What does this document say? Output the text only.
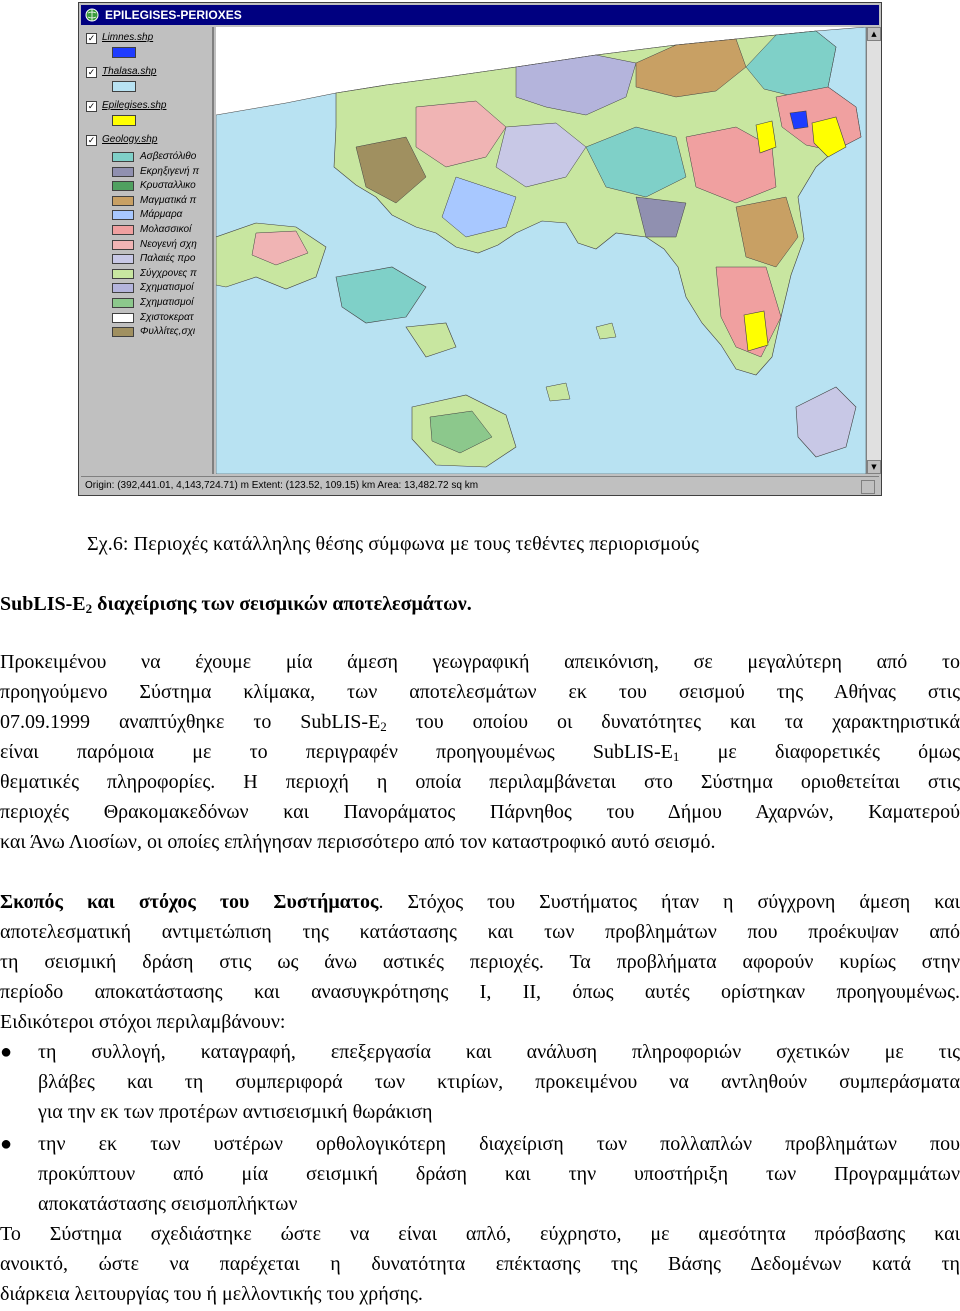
EPILEGISES-PERIOXES
✓ Limnes.shp
✓ Thalasa.shp
✓ Epilegises.shp
✓ Geology.shp
Ασβεστόλιθο
Εκρηξιγενή π
Κρυσταλλικο
Μαγματικά π
Μάρμαρα
Μολασσικοί
Νεογενή σχη
Παλαιές προ
Σύγχρονες π
Σχηματισμοί
Σχηματισμοί
Σχιστοκερατ
Φυλλίτες,σχι
▲
▼
Origin: (392,441.01, 4,143,724.71) m Extent: (123.52, 109.15) km Area: 13,482.72 sq km
Σχ.6: Περιοχές κατάλληλης θέσης σύμφωνα με τους τεθέντες περιορισμούς
SubLIS-$E_2$ διαχείρισης των σεισμικών αποτελεσμάτων.
Προκειμένου να έχουμε μία άμεση γεωγραφική απεικόνιση, σε μεγαλύτερη από το
προηγούμενο Σύστημα κλίμακα, των αποτελεσμάτων εκ του σεισμού της Αθήνας στις
07.09.1999 αναπτύχθηκε το SubLIS-$E_2$ του οποίου οι δυνατότητες και τα χαρακτηριστικά
είναι παρόμοια με το περιγραφέν προηγουμένως SubLIS-$E_1$ με διαφορετικές όμως
θεματικές πληροφορίες. Η περιοχή η οποία περιλαμβάνεται στο Σύστημα οριοθετείται στις
περιοχές Θρακομακεδόνων και Πανοράματος Πάρνηθος του Δήμου Αχαρνών, Καματερού
και Άνω Λιοσίων, οι οποίες επλήγησαν περισσότερο από τον καταστροφικό αυτό σεισμό.
Σκοπός και στόχος του Συστήματος. Στόχος του Συστήματος ήταν η σύγχρονη άμεση και
αποτελεσματική αντιμετώπιση της κατάστασης και των προβλημάτων που προέκυψαν από
τη σεισμική δράση στις ως άνω αστικές περιοχές. Τα προβλήματα αφορούν κυρίως στην
περίοδο αποκατάστασης και ανασυγκρότησης Ι, ΙΙ, όπως αυτές ορίστηκαν προηγουμένως.
Ειδικότεροι στόχοι περιλαμβάνουν:
● τη συλλογή, καταγραφή, επεξεργασία και ανάλυση πληροφοριών σχετικών με τις
βλάβες και τη συμπεριφορά των κτιρίων, προκειμένου να αντληθούν συμπεράσματα
για την εκ των προτέρων αντισεισμική θωράκιση
● την εκ των υστέρων ορθολογικότερη διαχείριση των πολλαπλών προβλημάτων που
προκύπτουν από μία σεισμική δράση και την υποστήριξη των Προγραμμάτων
αποκατάστασης σεισμοπλήκτων
Το Σύστημα σχεδιάστηκε ώστε να είναι απλό, εύχρηστο, με αμεσότητα πρόσβασης και
ανοικτό, ώστε να παρέχεται η δυνατότητα επέκτασης της Βάσης Δεδομένων κατά τη
διάρκεια λειτουργίας του ή μελλοντικής του χρήσης.
